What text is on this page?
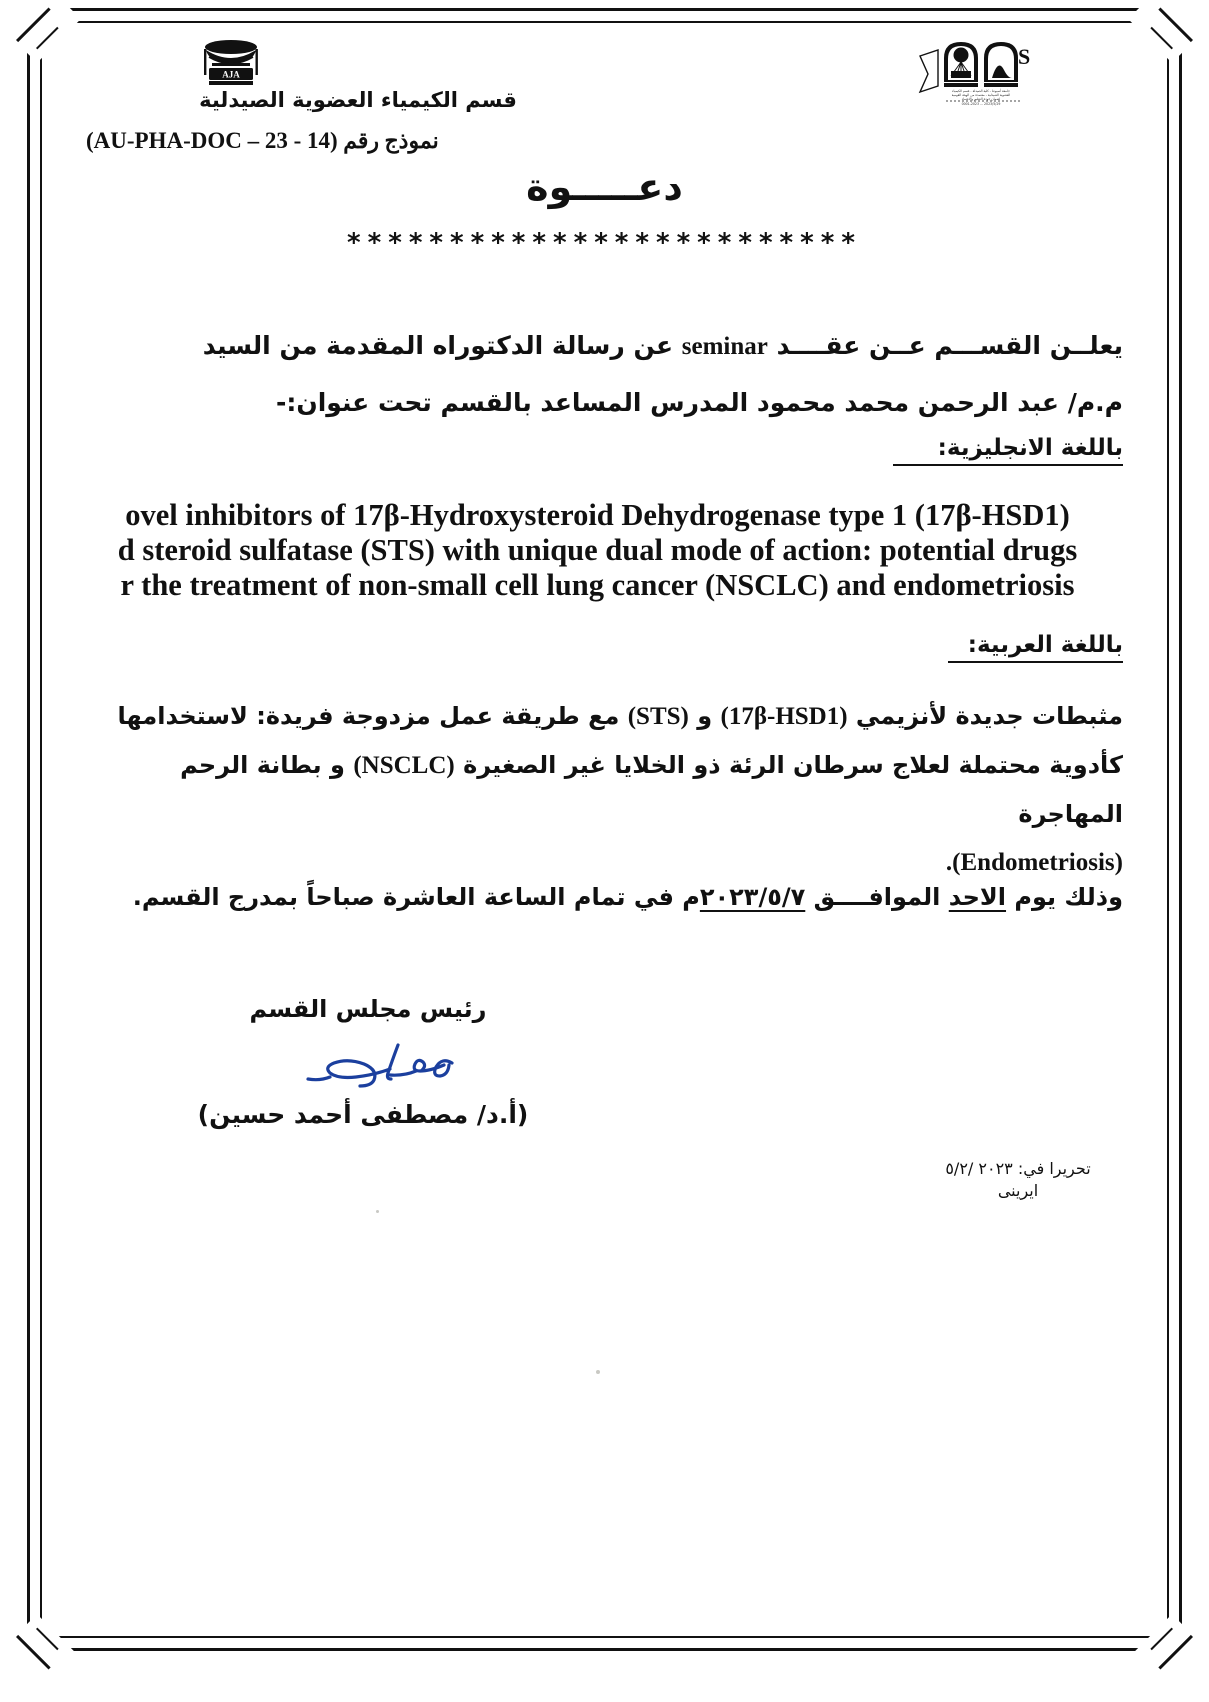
AJA
S
جامعة أسيوط - كلية الصيدلة - قسم الكيمياء
العضوية الصيدلية - معتمدة من الهيئة القومية
لضمان جودة التعليم والاعتماد
0001-2023 ... 2023/5/29
قسم الكيمياء العضوية الصيدلية
نموذج رقم (AU-PHA-DOC – 23 - 14)
دعـــــوة
*************************
يعلــن القســـم عــن عقــــد seminar عن رسالة الدكتوراه المقدمة من السيد
م.م/ عبد الرحمن محمد محمود المدرس المساعد بالقسم تحت عنوان:-
باللغة الانجليزية:
ovel inhibitors of 17β-Hydroxysteroid Dehydrogenase type 1 (17β-HSD1)
d steroid sulfatase (STS) with unique dual mode of action: potential drugs
r the treatment of non-small cell lung cancer (NSCLC) and endometriosis
باللغة العربية:
مثبطات جديدة لأنزيمي (17β-HSD1) و (STS) مع طريقة عمل مزدوجة فريدة: لاستخدامها
كأدوية محتملة لعلاج سرطان الرئة ذو الخلايا غير الصغيرة (NSCLC) و بطانة الرحم المهاجرة
(Endometriosis).
وذلك يوم الاحد الموافــــق ٢٠٢٣/٥/٧م في تمام الساعة العاشرة صباحاً بمدرج القسم.
رئيس مجلس القسم
(أ.د/ مصطفى أحمد حسين)
تحريرا في: ٢٠٢٣ /٥/٢
ايرينى
